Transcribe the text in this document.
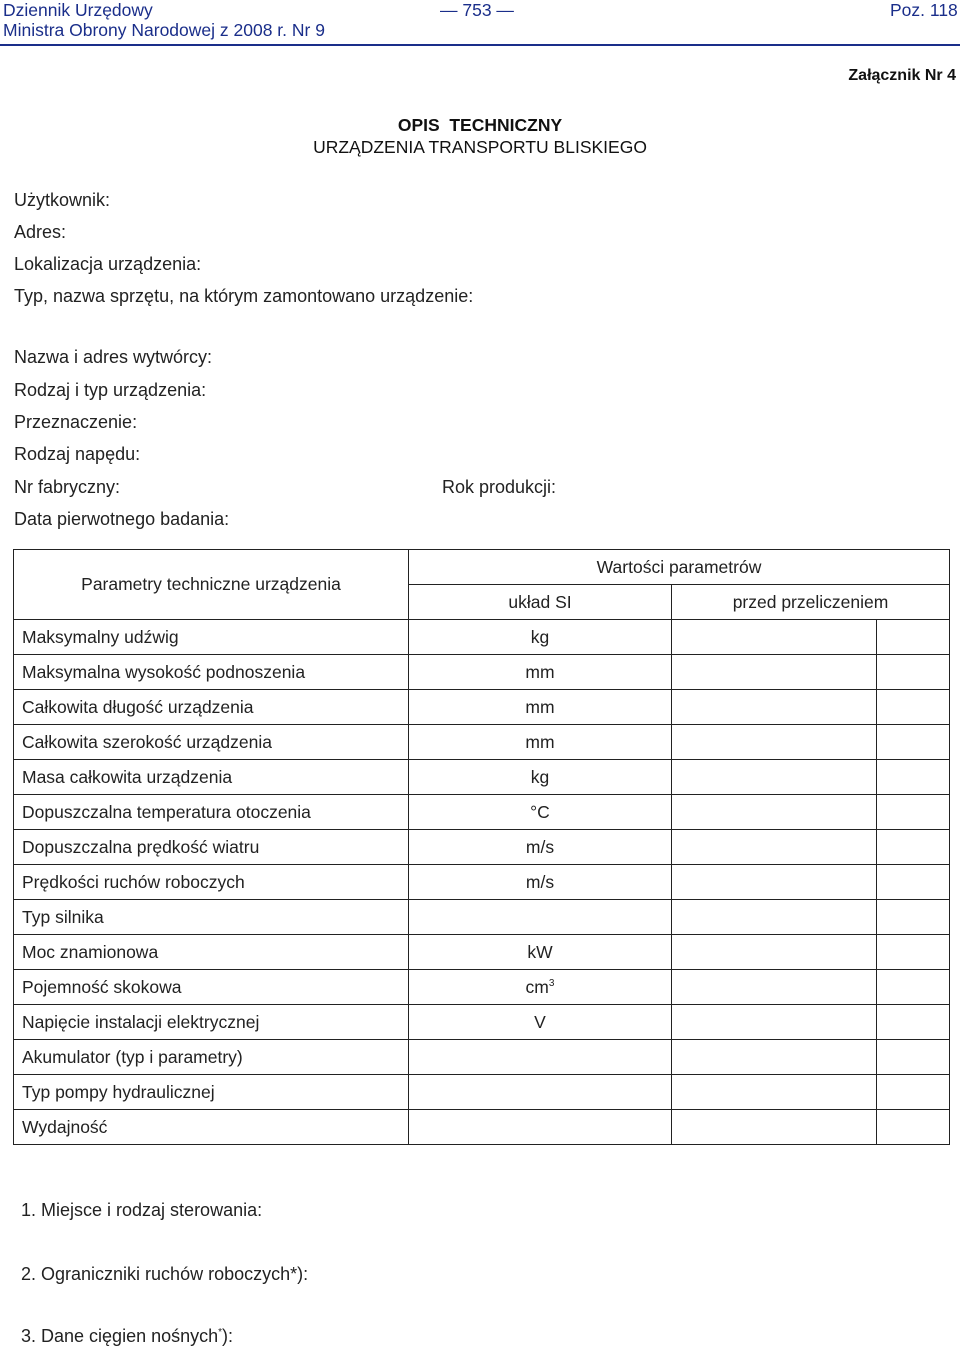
Dziennik Urzędowy
Ministra Obrony Narodowej z 2008 r. Nr 9
— 753 —	Poz. 118
Załącznik Nr 4
OPIS  TECHNICZNY
URZĄDZENIA TRANSPORTU BLISKIEGO
Użytkownik:
Adres:
Lokalizacja urządzenia:
Typ, nazwa sprzętu, na którym zamontowano urządzenie:
Nazwa i adres wytwórcy:
Rodzaj i typ urządzenia:
Przeznaczenie:
Rodzaj napędu:
Nr fabryczny:	Rok produkcji:
Data pierwotnego badania:
Parametry techniczne urządzenia	Wartości parametrów		
	układ SI	przed przeliczeniem	
Maksymalny udźwig	kg		
Maksymalna wysokość podnoszenia	mm		
Całkowita długość urządzenia	mm		
Całkowita szerokość urządzenia	mm		
Masa całkowita urządzenia	kg		
Dopuszczalna temperatura otoczenia	°C		
Dopuszczalna prędkość wiatru	m/s		
Prędkości ruchów roboczych	m/s		
Typ silnika			
Moc znamionowa	kW		
Pojemność skokowa	$cm^3$		
Napięcie instalacji elektrycznej	V		
Akumulator (typ i parametry)			
Typ pompy hydraulicznej			
Wydajność			
1. Miejsce i rodzaj sterowania:
2. Ograniczniki ruchów roboczych*):
3. Dane cięgien nośnych*):
